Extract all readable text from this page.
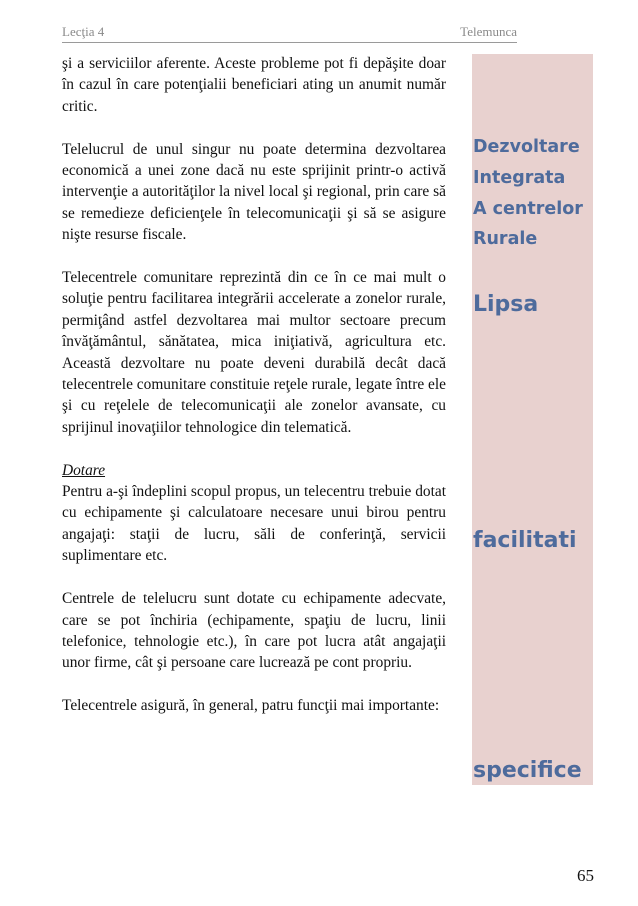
Lecţia 4	Telemunca

şi a serviciilor aferente. Aceste probleme pot fi depăşite doar în cazul în care potenţialii beneficiari ating un anumit număr critic.

Telelucrul de unul singur nu poate determina dezvoltarea economică a unei zone dacă nu este sprijinit printr-o activă intervenţie a autorităţilor la nivel local şi regional, prin care să se remedieze deficienţele în telecomunicaţii şi să se asigure nişte resurse fiscale.

Telecentrele comunitare reprezintă din ce în ce mai mult o soluţie pentru facilitarea integrării accelerate a zonelor rurale, permiţând astfel dezvoltarea mai multor sectoare precum învăţământul, sănătatea, mica iniţiativă, agricultura etc. Această dezvoltare nu poate deveni durabilă decât dacă telecentrele comunitare constituie reţele rurale, legate între ele şi cu reţelele de telecomunicaţii ale zonelor avansate, cu sprijinul inovaţiilor tehnologice din telematică.

Dotare

Pentru a-şi îndeplini scopul propus, un telecentru trebuie dotat cu echipamente şi calculatoare necesare unui birou pentru angajaţi: staţii de lucru, săli de conferinţă, servicii suplimentare etc.

Centrele de telelucru sunt dotate cu echipamente adecvate, care se pot închiria (echipamente, spaţiu de lucru, linii telefonice, tehnologie etc.), în care pot lucra atât angajaţii unor firme, cât şi persoane care lucrează pe cont propriu.

Telecentrele asigură, în general, patru funcţii mai importante:

Dezvoltare
Integrata
A centrelor
Rurale
Lipsa
facilitati
specifice
65
